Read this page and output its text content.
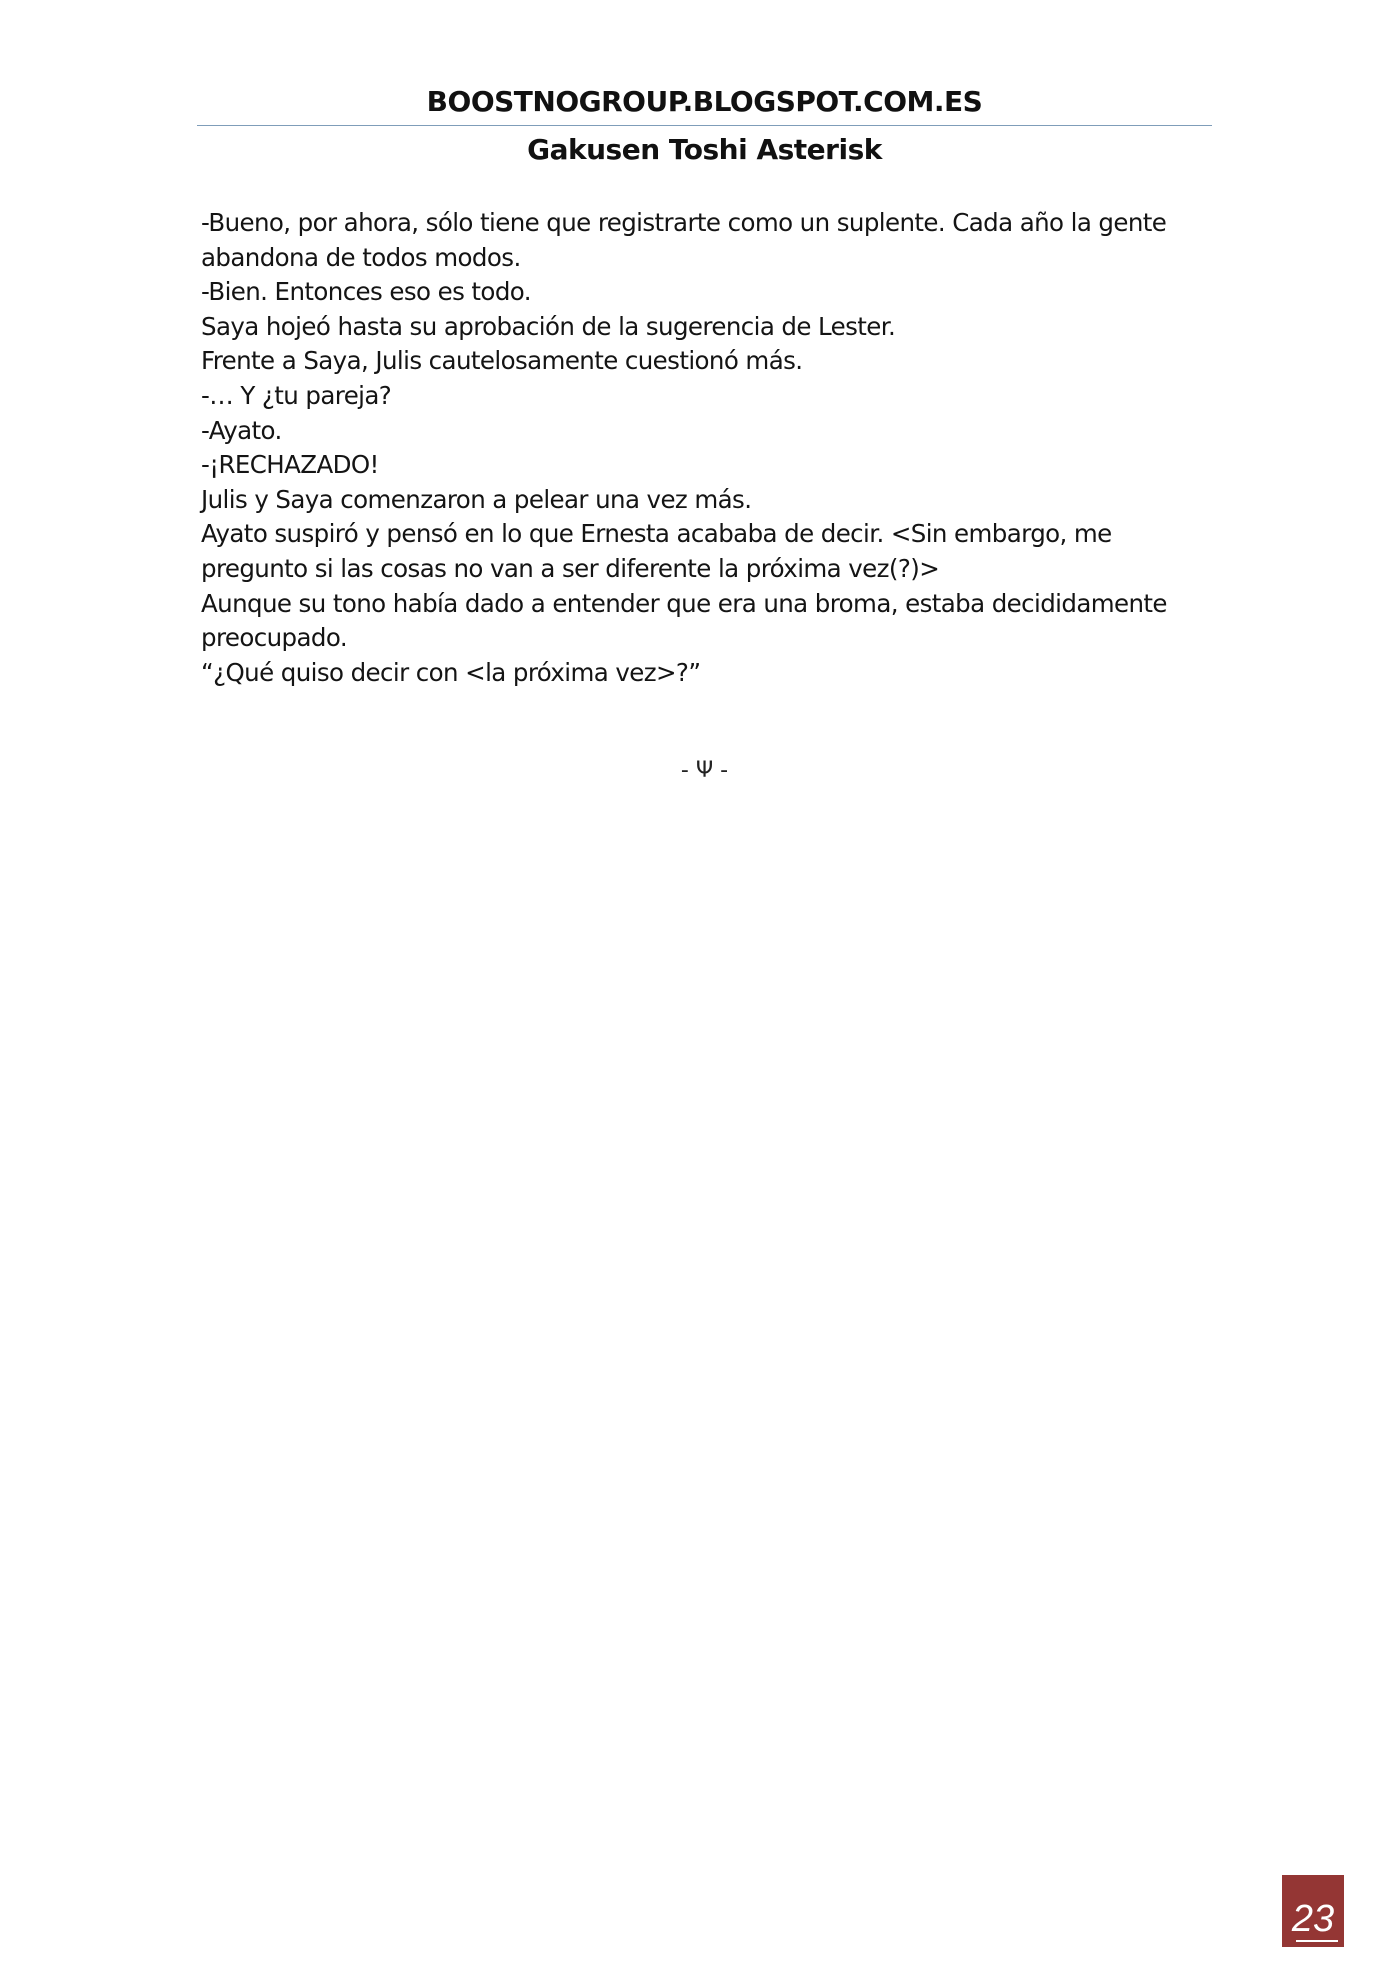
BOOSTNOGROUP.BLOGSPOT.COM.ES
Gakusen Toshi Asterisk

-Bueno, por ahora, sólo tiene que registrarte como un suplente. Cada año la gente abandona de todos modos.

-Bien. Entonces eso es todo.

Saya hojeó hasta su aprobación de la sugerencia de Lester.

Frente a Saya, Julis cautelosamente cuestionó más.

-… Y ¿tu pareja?

-Ayato.

-¡RECHAZADO!

Julis y Saya comenzaron a pelear una vez más.

Ayato suspiró y pensó en lo que Ernesta acababa de decir. <Sin embargo, me pregunto si las cosas no van a ser diferente la próxima vez(?)>

Aunque su tono había dado a entender que era una broma, estaba decididamente preocupado.

“¿Qué quiso decir con <la próxima vez>?”

- Ψ -
23
